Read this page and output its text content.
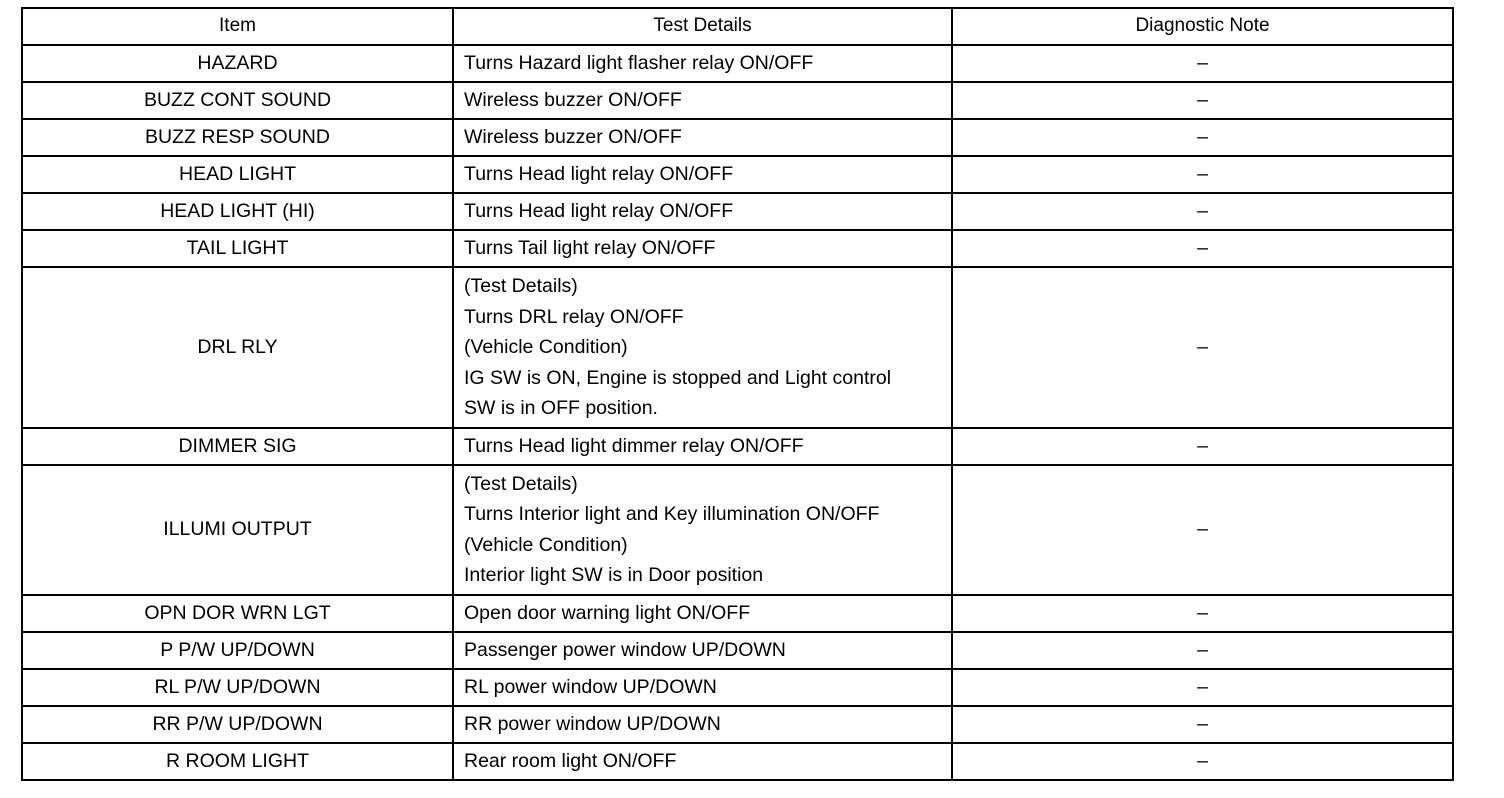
Item	Test Details	Diagnostic Note
HAZARD	Turns Hazard light flasher relay ON/OFF	–
BUZZ CONT SOUND	Wireless buzzer ON/OFF	–
BUZZ RESP SOUND	Wireless buzzer ON/OFF	–
HEAD LIGHT	Turns Head light relay ON/OFF	–
HEAD LIGHT (HI)	Turns Head light relay ON/OFF	–
TAIL LIGHT	Turns Tail light relay ON/OFF	–
DRL RLY	(Test Details)
Turns DRL relay ON/OFF
(Vehicle Condition)
IG SW is ON, Engine is stopped and Light control
SW is in OFF position.	–
DIMMER SIG	Turns Head light dimmer relay ON/OFF	–
ILLUMI OUTPUT	(Test Details)
Turns Interior light and Key illumination ON/OFF
(Vehicle Condition)
Interior light SW is in Door position	–
OPN DOR WRN LGT	Open door warning light ON/OFF	–
P P/W UP/DOWN	Passenger power window UP/DOWN	–
RL P/W UP/DOWN	RL power window UP/DOWN	–
RR P/W UP/DOWN	RR power window UP/DOWN	–
R ROOM LIGHT	Rear room light ON/OFF	–
